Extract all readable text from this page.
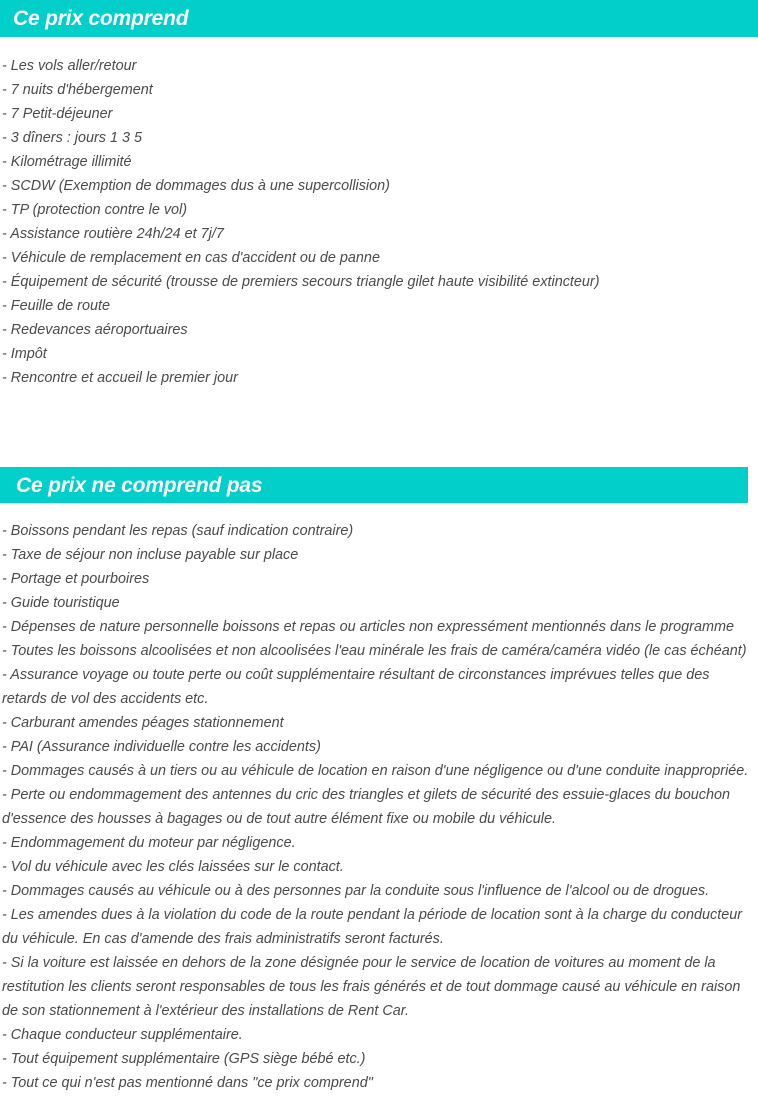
Ce prix comprend
- Les vols aller/retour
- 7 nuits d'hébergement
- 7 Petit-déjeuner
- 3 dîners : jours 1 3 5
- Kilométrage illimité
- SCDW (Exemption de dommages dus à une supercollision)
- TP (protection contre le vol)
- Assistance routière 24h/24 et 7j/7
- Véhicule de remplacement en cas d'accident ou de panne
- Équipement de sécurité (trousse de premiers secours triangle gilet haute visibilité extincteur)
- Feuille de route
- Redevances aéroportuaires
- Impôt
- Rencontre et accueil le premier jour
Ce prix ne comprend pas
- Boissons pendant les repas (sauf indication contraire)
- Taxe de séjour non incluse payable sur place
- Portage et pourboires
- Guide touristique
- Dépenses de nature personnelle boissons et repas ou articles non expressément mentionnés dans le programme
- Toutes les boissons alcoolisées et non alcoolisées l'eau minérale les frais de caméra/caméra vidéo (le cas échéant)
- Assurance voyage ou toute perte ou coût supplémentaire résultant de circonstances imprévues telles que des retards de vol des accidents etc.
- Carburant amendes péages stationnement
- PAI (Assurance individuelle contre les accidents)
- Dommages causés à un tiers ou au véhicule de location en raison d'une négligence ou d'une conduite inappropriée.
- Perte ou endommagement des antennes du cric des triangles et gilets de sécurité des essuie-glaces du bouchon d'essence des housses à bagages ou de tout autre élément fixe ou mobile du véhicule.
- Endommagement du moteur par négligence.
- Vol du véhicule avec les clés laissées sur le contact.
- Dommages causés au véhicule ou à des personnes par la conduite sous l'influence de l'alcool ou de drogues.
- Les amendes dues à la violation du code de la route pendant la période de location sont à la charge du conducteur du véhicule. En cas d'amende des frais administratifs seront facturés.
- Si la voiture est laissée en dehors de la zone désignée pour le service de location de voitures au moment de la restitution les clients seront responsables de tous les frais générés et de tout dommage causé au véhicule en raison de son stationnement à l'extérieur des installations de Rent Car.
- Chaque conducteur supplémentaire.
- Tout équipement supplémentaire (GPS siège bébé etc.)
- Tout ce qui n'est pas mentionné dans "ce prix comprend"
